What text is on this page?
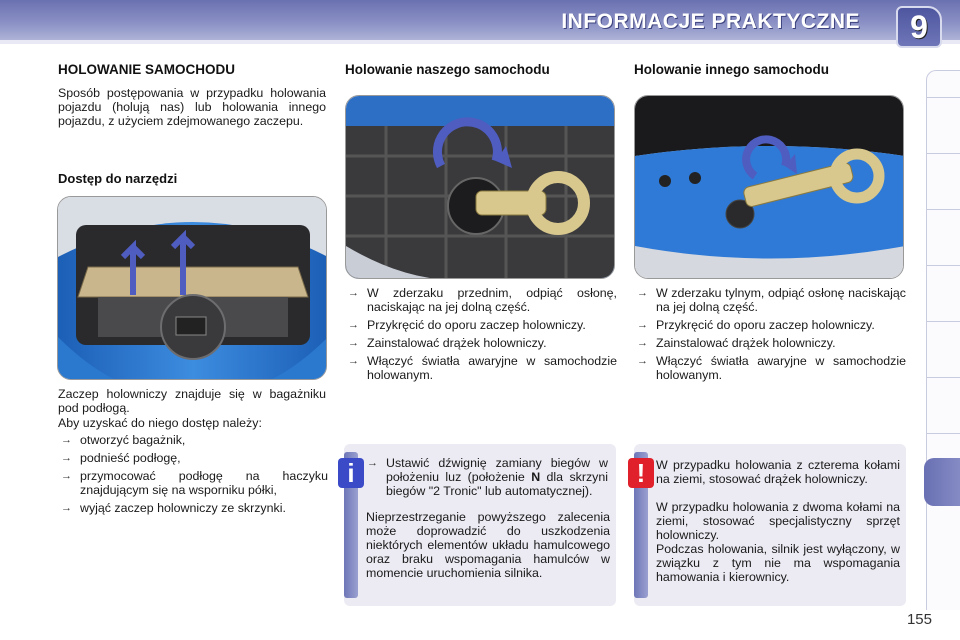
INFORMACJE PRAKTYCZNE	9
HOLOWANIE SAMOCHODU

Sposób postępowania w przypadku holowania pojazdu (holują nas) lub holowania innego pojazdu, z użyciem zdejmowanego zaczepu.

Dostęp do narzędzi

Zaczep holowniczy znajduje się w bagażniku pod podłogą.

Aby uzyskać do niego dostęp należy:

→ otworzyć bagażnik,
→ podnieść podłogę,
→ przymocować podłogę na haczyku znajdującym się na wsporniku półki,
→ wyjąć zaczep holowniczy ze skrzynki.
Holowanie naszego samochodu
→ W zderzaku przednim, odpiąć osłonę, naciskając na jej dolną część.
→ Przykręcić do oporu zaczep holowniczy.
→ Zainstalować drążek holowniczy.
→ Włączyć światła awaryjne w samochodzie holowanym.
Holowanie innego samochodu
→ W zderzaku tylnym, odpiąć osłonę naciskając na jej dolną część.
→ Przykręcić do oporu zaczep holowniczy.
→ Zainstalować drążek holowniczy.
→ Włączyć światła awaryjne w samochodzie holowanym.
i
→	Ustawić dźwignię zamiany biegów w położeniu luz (położenie N dla skrzyni biegów "2 Tronic" lub automatycznej).

Nieprzestrzeganie powyższego zalecenia może doprowadzić do uszkodzenia niektórych elementów układu hamulcowego oraz braku wspomagania hamulców w momencie uruchomienia silnika.

! W przypadku holowania z czterema kołami na ziemi, stosować drążek holowniczy.

W przypadku holowania z dwoma kołami na ziemi, stosować specjalistyczny sprzęt holowniczy.

Podczas holowania, silnik jest wyłączony, w związku z tym nie ma wspomagania hamowania i kierownicy.

155
